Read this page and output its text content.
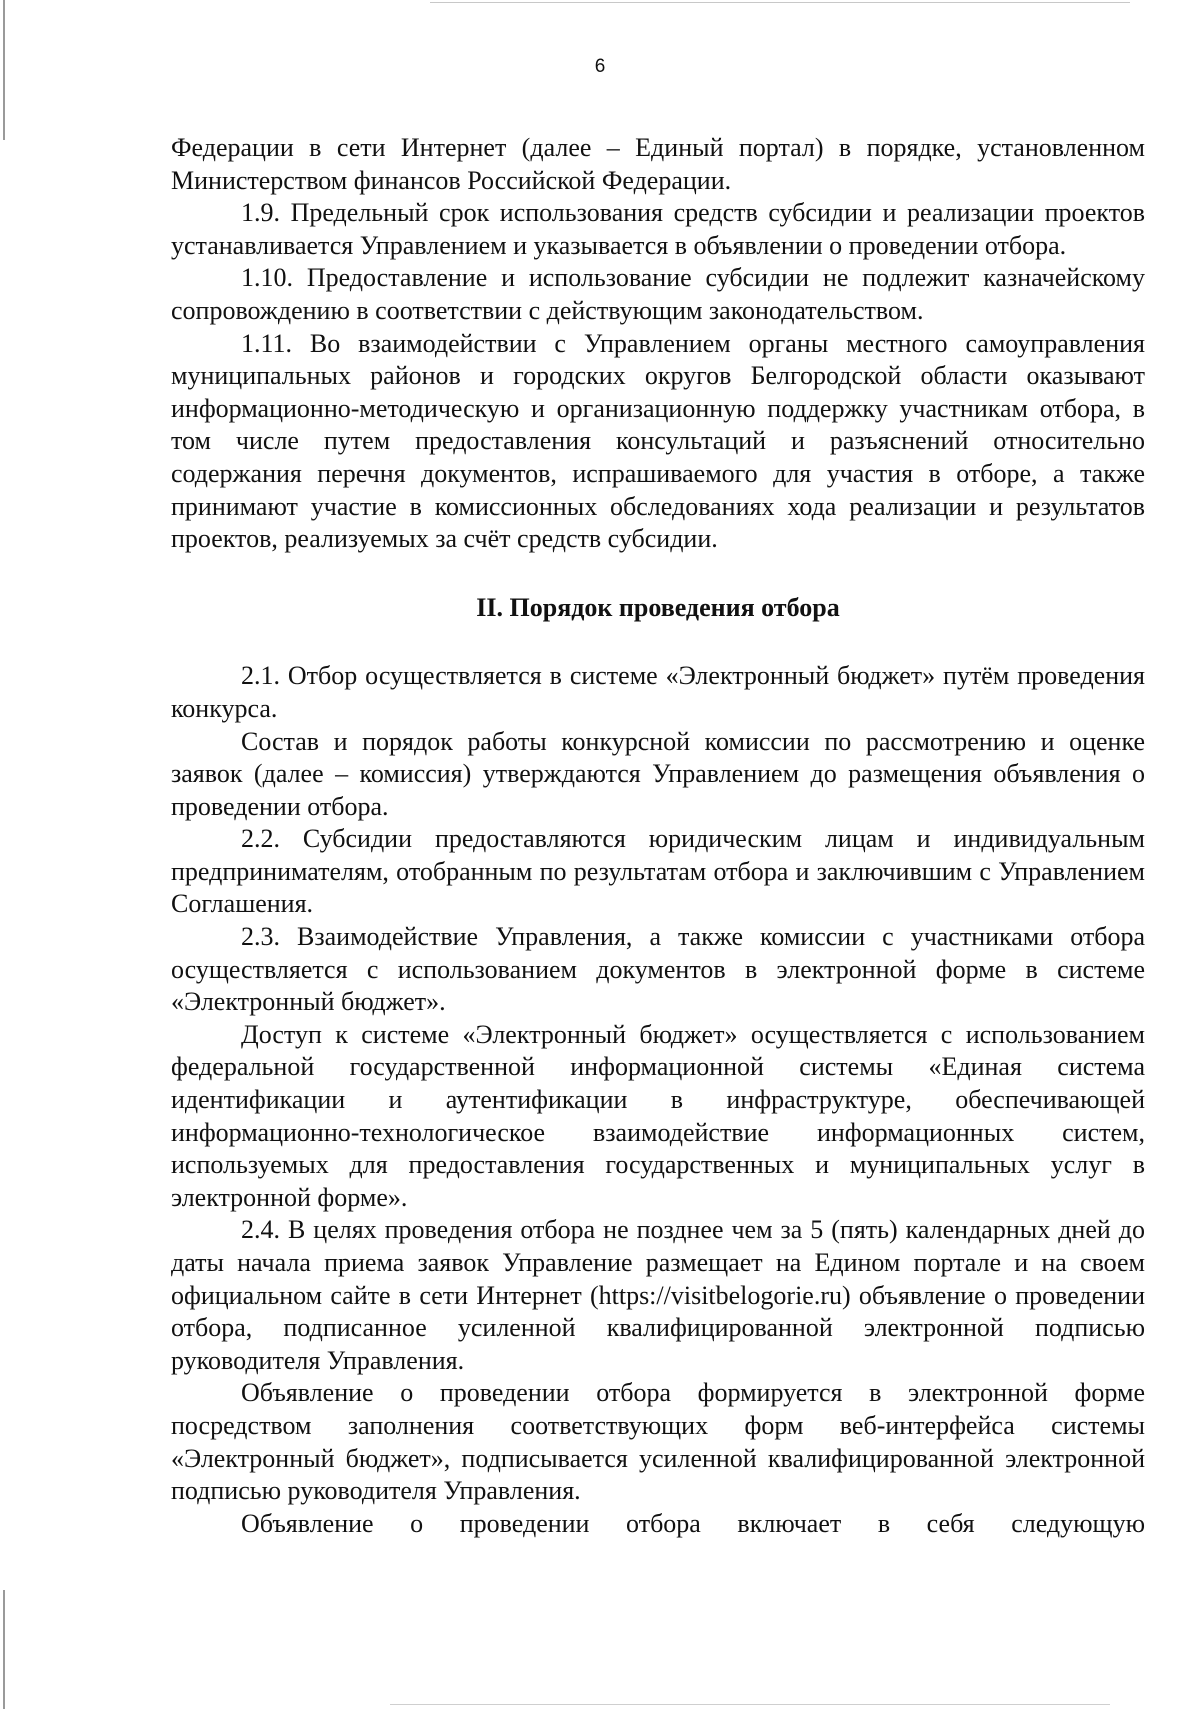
6

Федерации в сети Интернет (далее – Единый портал) в порядке, установленном Министерством финансов Российской Федерации.

1.9. Предельный срок использования средств субсидии и реализации проектов устанавливается Управлением и указывается в объявлении о проведении отбора.

1.10. Предоставление и использование субсидии не подлежит казначейскому сопровождению в соответствии с действующим законодательством.

1.11. Во взаимодействии с Управлением органы местного самоуправления муниципальных районов и городских округов Белгородской области оказывают информационно-методическую и организационную поддержку участникам отбора, в том числе путем предоставления консультаций и разъяснений относительно содержания перечня документов, испрашиваемого для участия в отборе, а также принимают участие в комиссионных обследованиях хода реализации и результатов проектов, реализуемых за счёт средств субсидии.

II. Порядок проведения отбора

2.1. Отбор осуществляется в системе «Электронный бюджет» путём проведения конкурса.

Состав и порядок работы конкурсной комиссии по рассмотрению и оценке заявок (далее – комиссия) утверждаются Управлением до размещения объявления о проведении отбора.

2.2. Субсидии предоставляются юридическим лицам и индивидуальным предпринимателям, отобранным по результатам отбора и заключившим с Управлением Соглашения.

2.3. Взаимодействие Управления, а также комиссии с участниками отбора осуществляется с использованием документов в электронной форме в системе «Электронный бюджет».

Доступ к системе «Электронный бюджет» осуществляется с использованием федеральной государственной информационной системы «Единая система идентификации и аутентификации в инфраструктуре, обеспечивающей информационно-технологическое взаимодействие информационных систем, используемых для предоставления государственных и муниципальных услуг в электронной форме».

2.4. В целях проведения отбора не позднее чем за 5 (пять) календарных дней до даты начала приема заявок Управление размещает на Едином портале и на своем официальном сайте в сети Интернет (https://visitbelogorie.ru) объявление о проведении отбора, подписанное усиленной квалифицированной электронной подписью руководителя Управления.

Объявление о проведении отбора формируется в электронной форме посредством заполнения соответствующих форм веб-интерфейса системы «Электронный бюджет», подписывается усиленной квалифицированной электронной подписью руководителя Управления.

Объявление о проведении отбора включает в себя следующую
